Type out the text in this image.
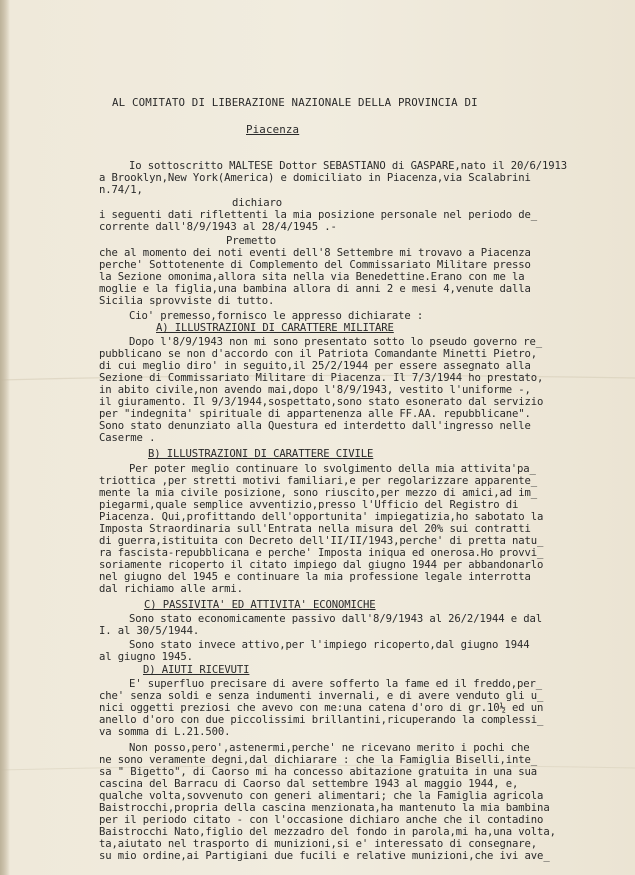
AL COMITATO DI LIBERAZIONE NAZIONALE DELLA PROVINCIA DI
Piacenza
Io sottoscritto MALTESE Dottor SEBASTIANO di GASPARE,nato il 20/6/1913
a Brooklyn,New York(America) e domiciliato in Piacenza,via Scalabrini
n.74/1,
dichiaro
i seguenti dati riflettenti la mia posizione personale nel periodo de_
corrente dall'8/9/1943 al 28/4/1945 .-
Premetto
che al momento dei noti eventi dell'8 Settembre mi trovavo a Piacenza
perche' Sottotenente di Complemento del Commissariato Militare presso
la Sezione omonima,allora sita nella via Benedettine.Erano con me la
moglie e la figlia,una bambina allora di anni 2 e mesi 4,venute dalla
Sicilia sprovviste di tutto.
Cio' premesso,fornisco le appresso dichiarate :
A) ILLUSTRAZIONI DI CARATTERE MILITARE
Dopo l'8/9/1943 non mi sono presentato sotto lo pseudo governo re_
pubblicano se non d'accordo con il Patriota Comandante Minetti Pietro,
di cui meglio diro' in seguito,il 25/2/1944 per essere assegnato alla
Sezione di Commissariato Militare di Piacenza. Il 7/3/1944 ho prestato,
in abito civile,non avendo mai,dopo l'8/9/1943, vestito l'uniforme -,
il giuramento. Il 9/3/1944,sospettato,sono stato esonerato dal servizio
per "indegnita' spirituale di appartenenza alle FF.AA. repubblicane".
Sono stato denunziato alla Questura ed interdetto dall'ingresso nelle
Caserme .
B) ILLUSTRAZIONI DI CARATTERE CIVILE
Per poter meglio continuare lo svolgimento della mia attivita'pa_
triottica ,per stretti motivi familiari,e per regolarizzare apparente_
mente la mia civile posizione, sono riuscito,per mezzo di amici,ad im_
piegarmi,quale semplice avventizio,presso l'Ufficio del Registro di
Piacenza. Qui,profittando dell'opportunita' impiegatizia,ho sabotato la
Imposta Straordinaria sull'Entrata nella misura del 20% sui contratti
di guerra,istituita con Decreto dell'II/II/1943,perche' di pretta natu_
ra fascista-repubblicana e perche' Imposta iniqua ed onerosa.Ho provvi_
soriamente ricoperto il citato impiego dal giugno 1944 per abbandonarlo
nel giugno del 1945 e continuare la mia professione legale interrotta
dal richiamo alle armi.
C) PASSIVITA' ED ATTIVITA' ECONOMICHE
Sono stato economicamente passivo dall'8/9/1943 al 26/2/1944 e dal
I. al 30/5/1944.
Sono stato invece attivo,per l'impiego ricoperto,dal giugno 1944
al giugno 1945.
D) AIUTI RICEVUTI
E' superfluo precisare di avere sofferto la fame ed il freddo,per_
che' senza soldi e senza indumenti invernali, e di avere venduto gli u_
nici oggetti preziosi che avevo con me:una catena d'oro di gr.10½ ed un
anello d'oro con due piccolissimi brillantini,ricuperando la complessi_
va somma di L.21.500.
Non posso,pero',astenermi,perche' ne ricevano merito i pochi che
ne sono veramente degni,dal dichiarare : che la Famiglia Biselli,inte_
sa " Bigetto", di Caorso mi ha concesso abitazione gratuita in una sua
cascina del Barracu di Caorso dal settembre 1943 al maggio 1944, e,
qualche volta,sovvenuto con generi alimentari; che la Famiglia agricola
Baistrocchi,propria della cascina menzionata,ha mantenuto la mia bambina
per il periodo citato - con l'occasione dichiaro anche che il contadino
Baistrocchi Nato,figlio del mezzadro del fondo in parola,mi ha,una volta,
ta,aiutato nel trasporto di munizioni,si e' interessato di consegnare,
su mio ordine,ai Partigiani due fucili e relative munizioni,che ivi ave_
